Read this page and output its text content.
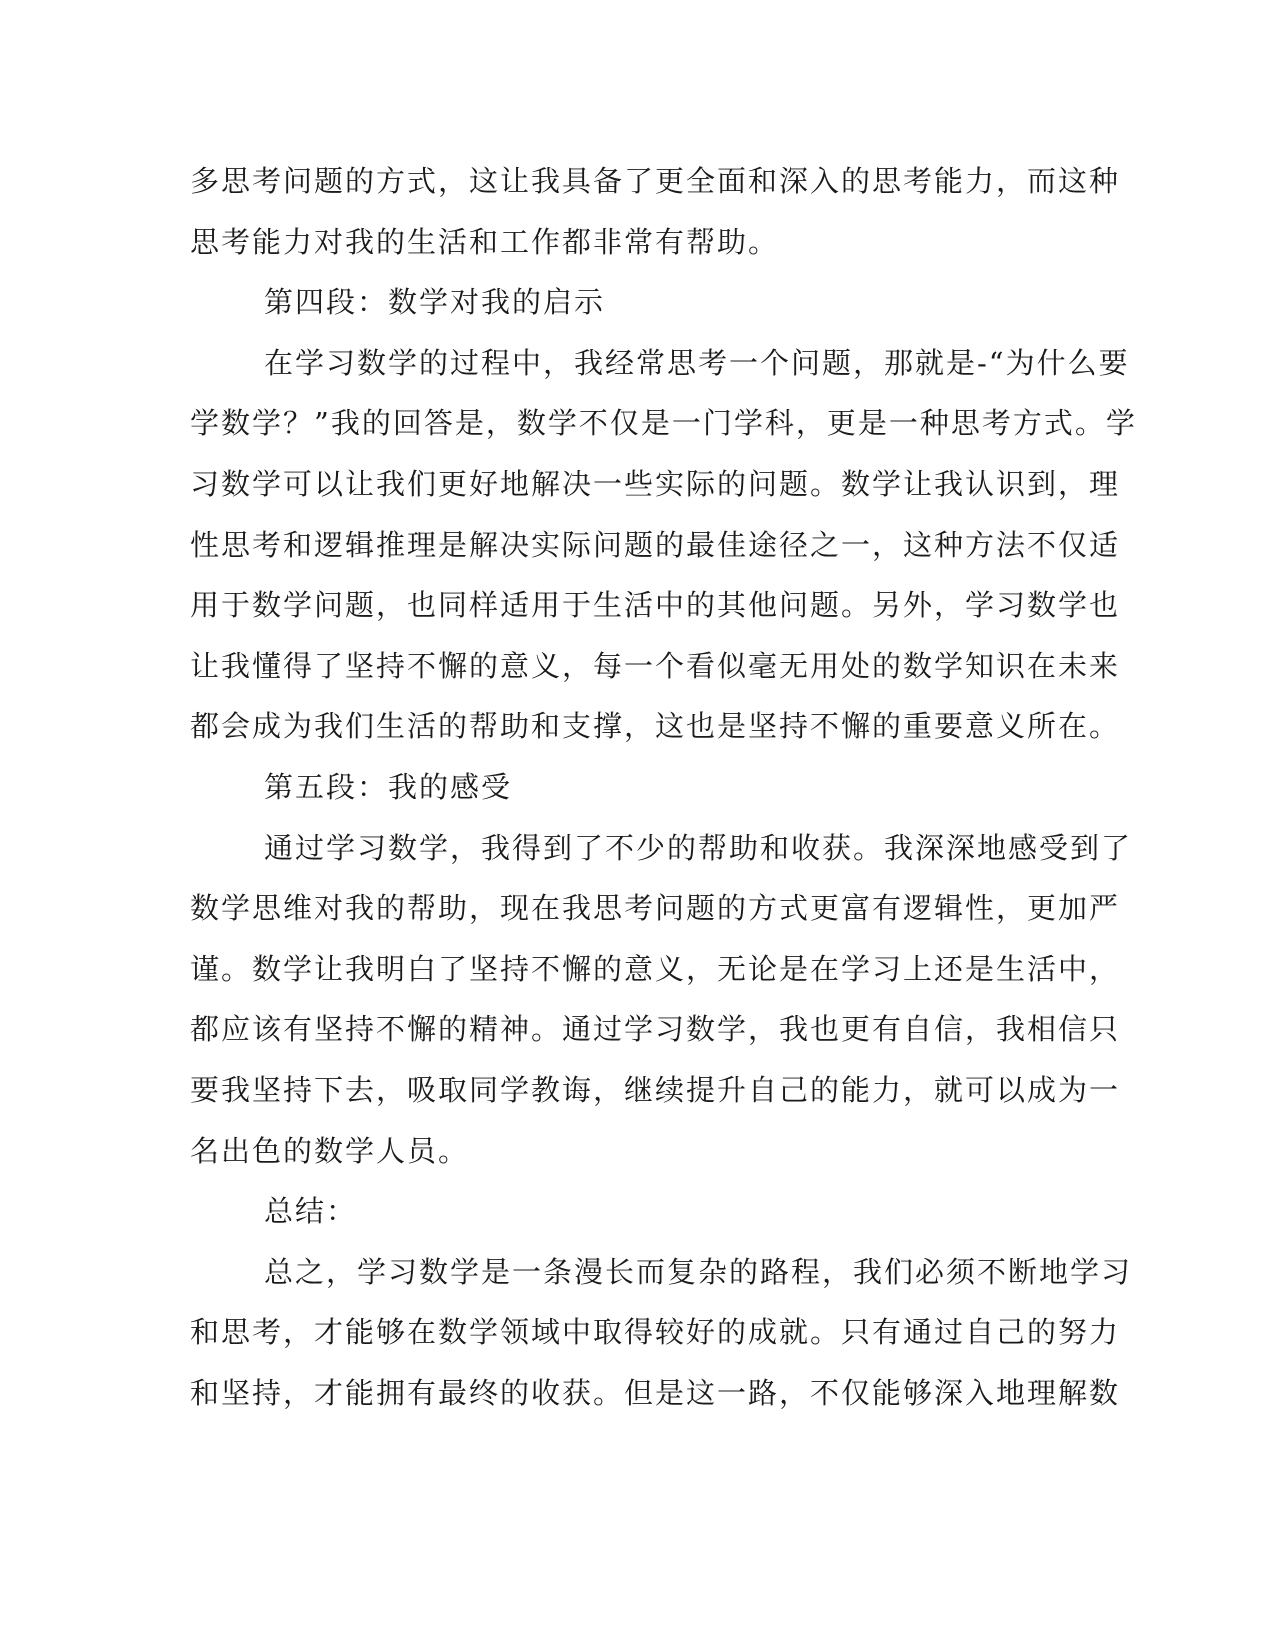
多思考问题的方式，这让我具备了更全面和深入的思考能力，而这种
思考能力对我的生活和工作都非常有帮助。
第四段：数学对我的启示
在学习数学的过程中，我经常思考一个问题，那就是-“为什么要
学数学？”我的回答是，数学不仅是一门学科，更是一种思考方式。学
习数学可以让我们更好地解决一些实际的问题。数学让我认识到，理
性思考和逻辑推理是解决实际问题的最佳途径之一，这种方法不仅适
用于数学问题，也同样适用于生活中的其他问题。另外，学习数学也
让我懂得了坚持不懈的意义，每一个看似毫无用处的数学知识在未来
都会成为我们生活的帮助和支撑，这也是坚持不懈的重要意义所在。
第五段：我的感受
通过学习数学，我得到了不少的帮助和收获。我深深地感受到了
数学思维对我的帮助，现在我思考问题的方式更富有逻辑性，更加严
谨。数学让我明白了坚持不懈的意义，无论是在学习上还是生活中，
都应该有坚持不懈的精神。通过学习数学，我也更有自信，我相信只
要我坚持下去，吸取同学教诲，继续提升自己的能力，就可以成为一
名出色的数学人员。
总结：
总之，学习数学是一条漫长而复杂的路程，我们必须不断地学习
和思考，才能够在数学领域中取得较好的成就。只有通过自己的努力
和坚持，才能拥有最终的收获。但是这一路，不仅能够深入地理解数
